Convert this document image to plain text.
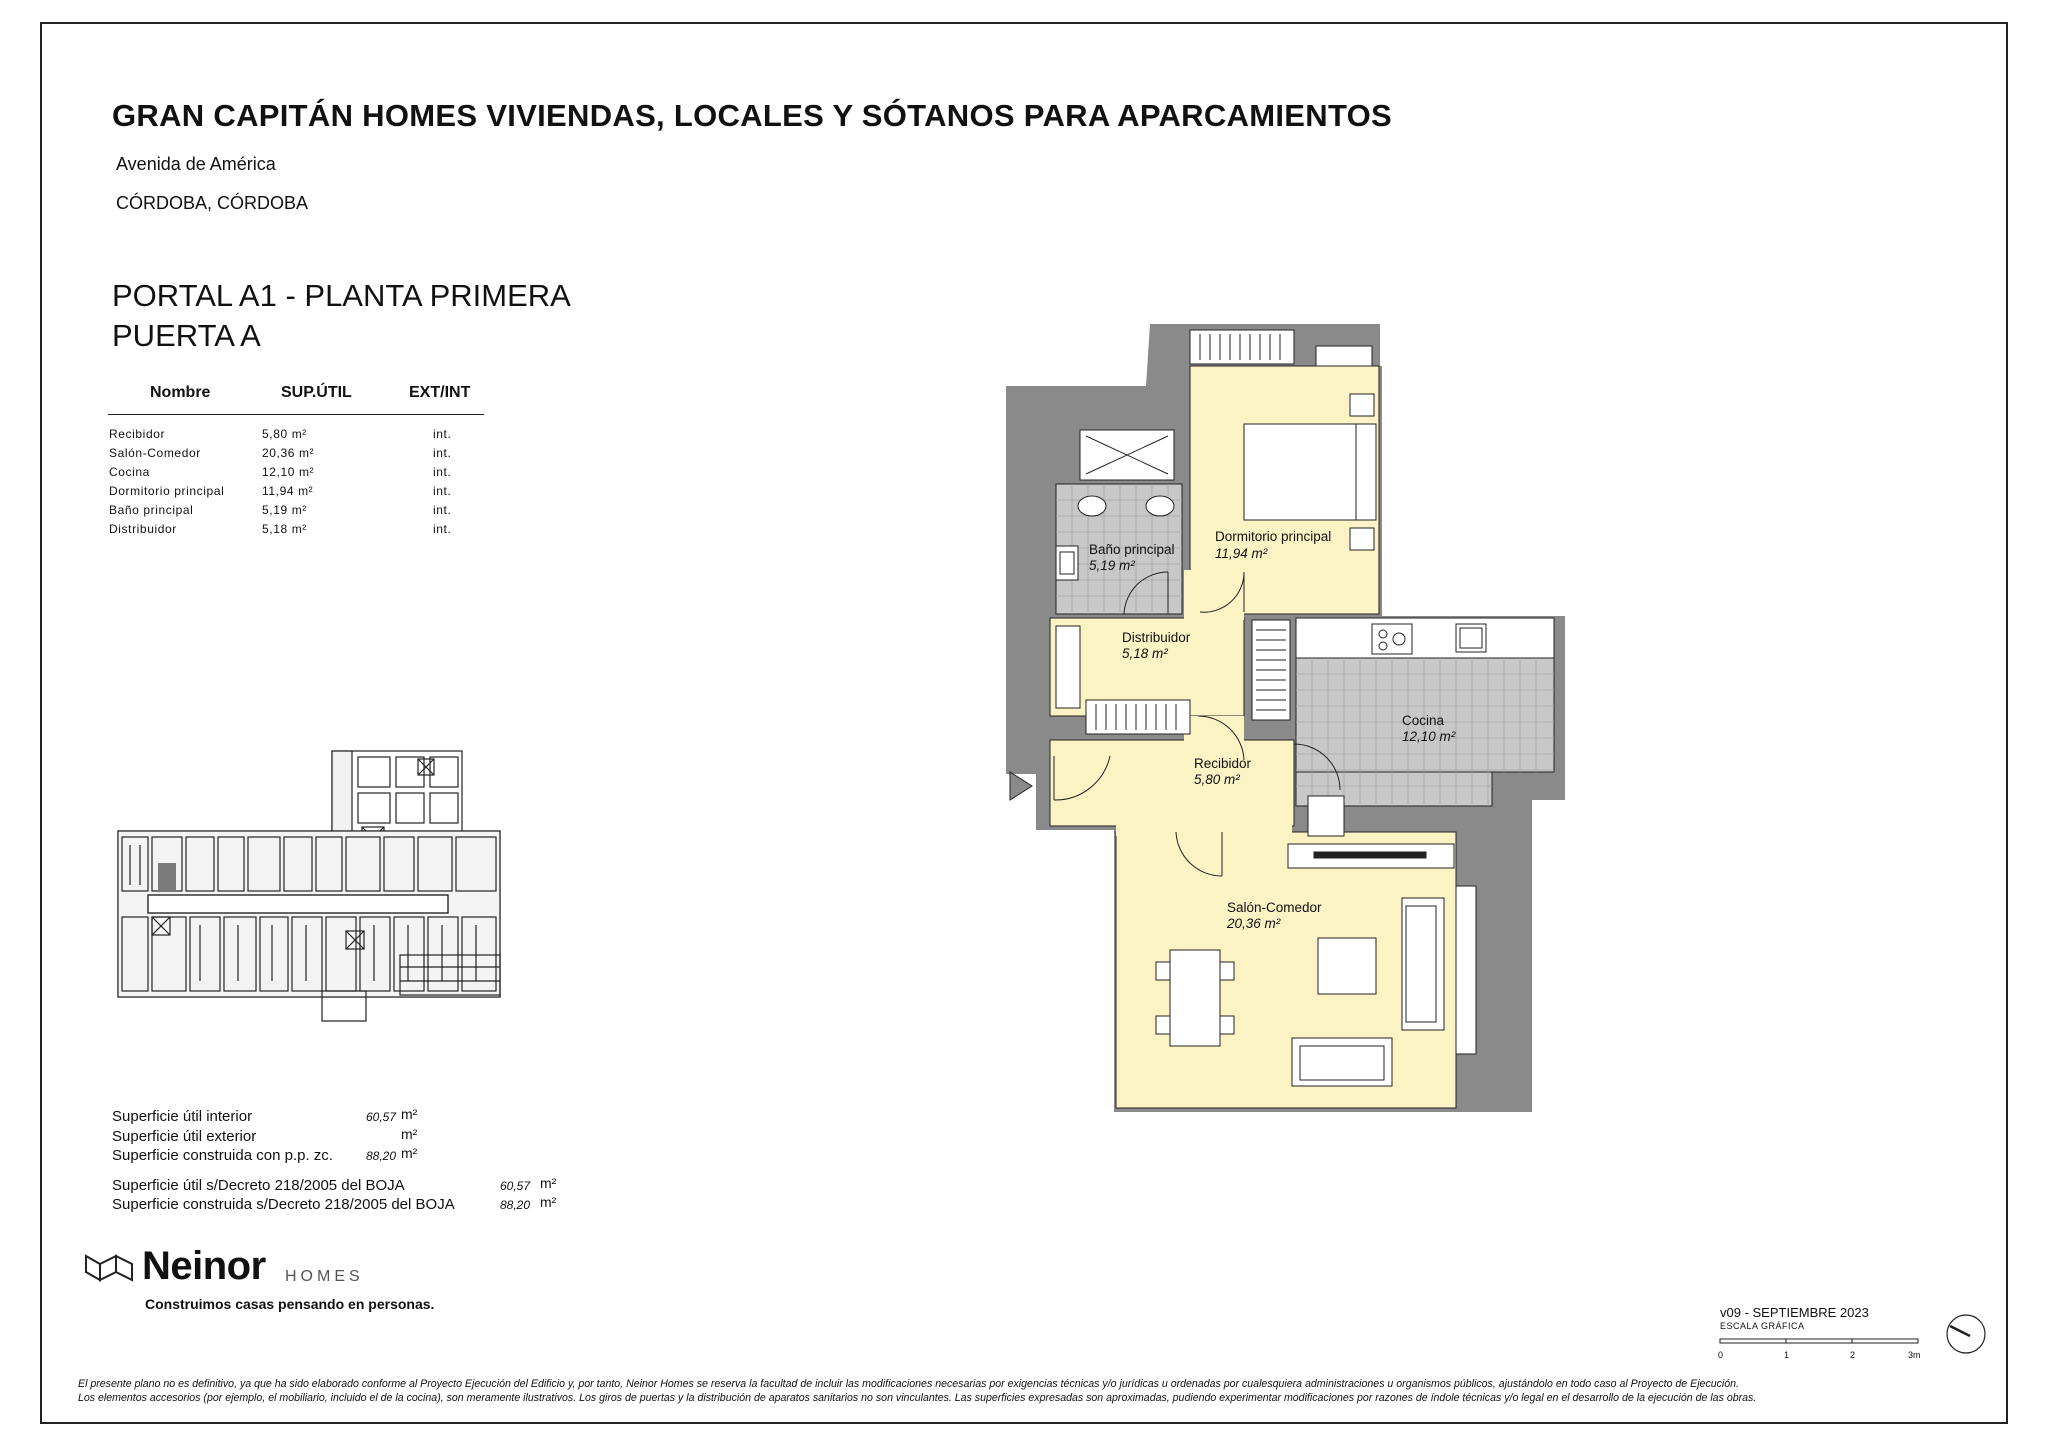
GRAN CAPITÁN HOMES VIVIENDAS, LOCALES Y SÓTANOS PARA APARCAMIENTOS
Avenida de América
CÓRDOBA, CÓRDOBA
PORTAL A1 - PLANTA PRIMERA
PUERTA A
Nombre	SUP.ÚTIL	EXT/INT
Recibidor	5,80 m²	int.
Salón-Comedor	20,36 m²	int.
Cocina	12,10 m²	int.
Dormitorio principal	11,94 m²	int.
Baño principal	5,19 m²	int.
Distribuidor	5,18 m²	int.
Superficie útil interior	60,57 m²
Superficie útil exterior	m²
Superficie construida con p.p. zc.	88,20 m²
Superficie útil s/Decreto 218/2005 del BOJA	60,57 m²
Superficie construida s/Decreto 218/2005 del BOJA	88,20 m²
Neinor HOMES
Construimos casas pensando en personas.
v09 - SEPTIEMBRE 2023
ESCALA GRÁFICA
0	1	2	3m
El presente plano no es definitivo, ya que ha sido elaborado conforme al Proyecto Ejecución del Edificio y, por tanto, Neinor Homes se reserva la facultad de incluir las modificaciones necesarias por exigencias técnicas y/o jurídicas u ordenadas por cualesquiera administraciones u organismos públicos, ajustándolo en todo caso al Proyecto de Ejecución.
Los elementos accesorios (por ejemplo, el mobiliario, incluido el de la cocina), son meramente ilustrativos. Los giros de puertas y la distribución de aparatos sanitarios no son vinculantes. Las superficies expresadas son aproximadas, pudiendo experimentar modificaciones por razones de índole técnicas y/o legal en el desarrollo de la ejecución de las obras.
Dormitorio principal
11,94 m²
Baño principal
5,19 m²
Distribuidor
5,18 m²
Cocina
12,10 m²
Recibidor
5,80 m²
Salón-Comedor
20,36 m²
